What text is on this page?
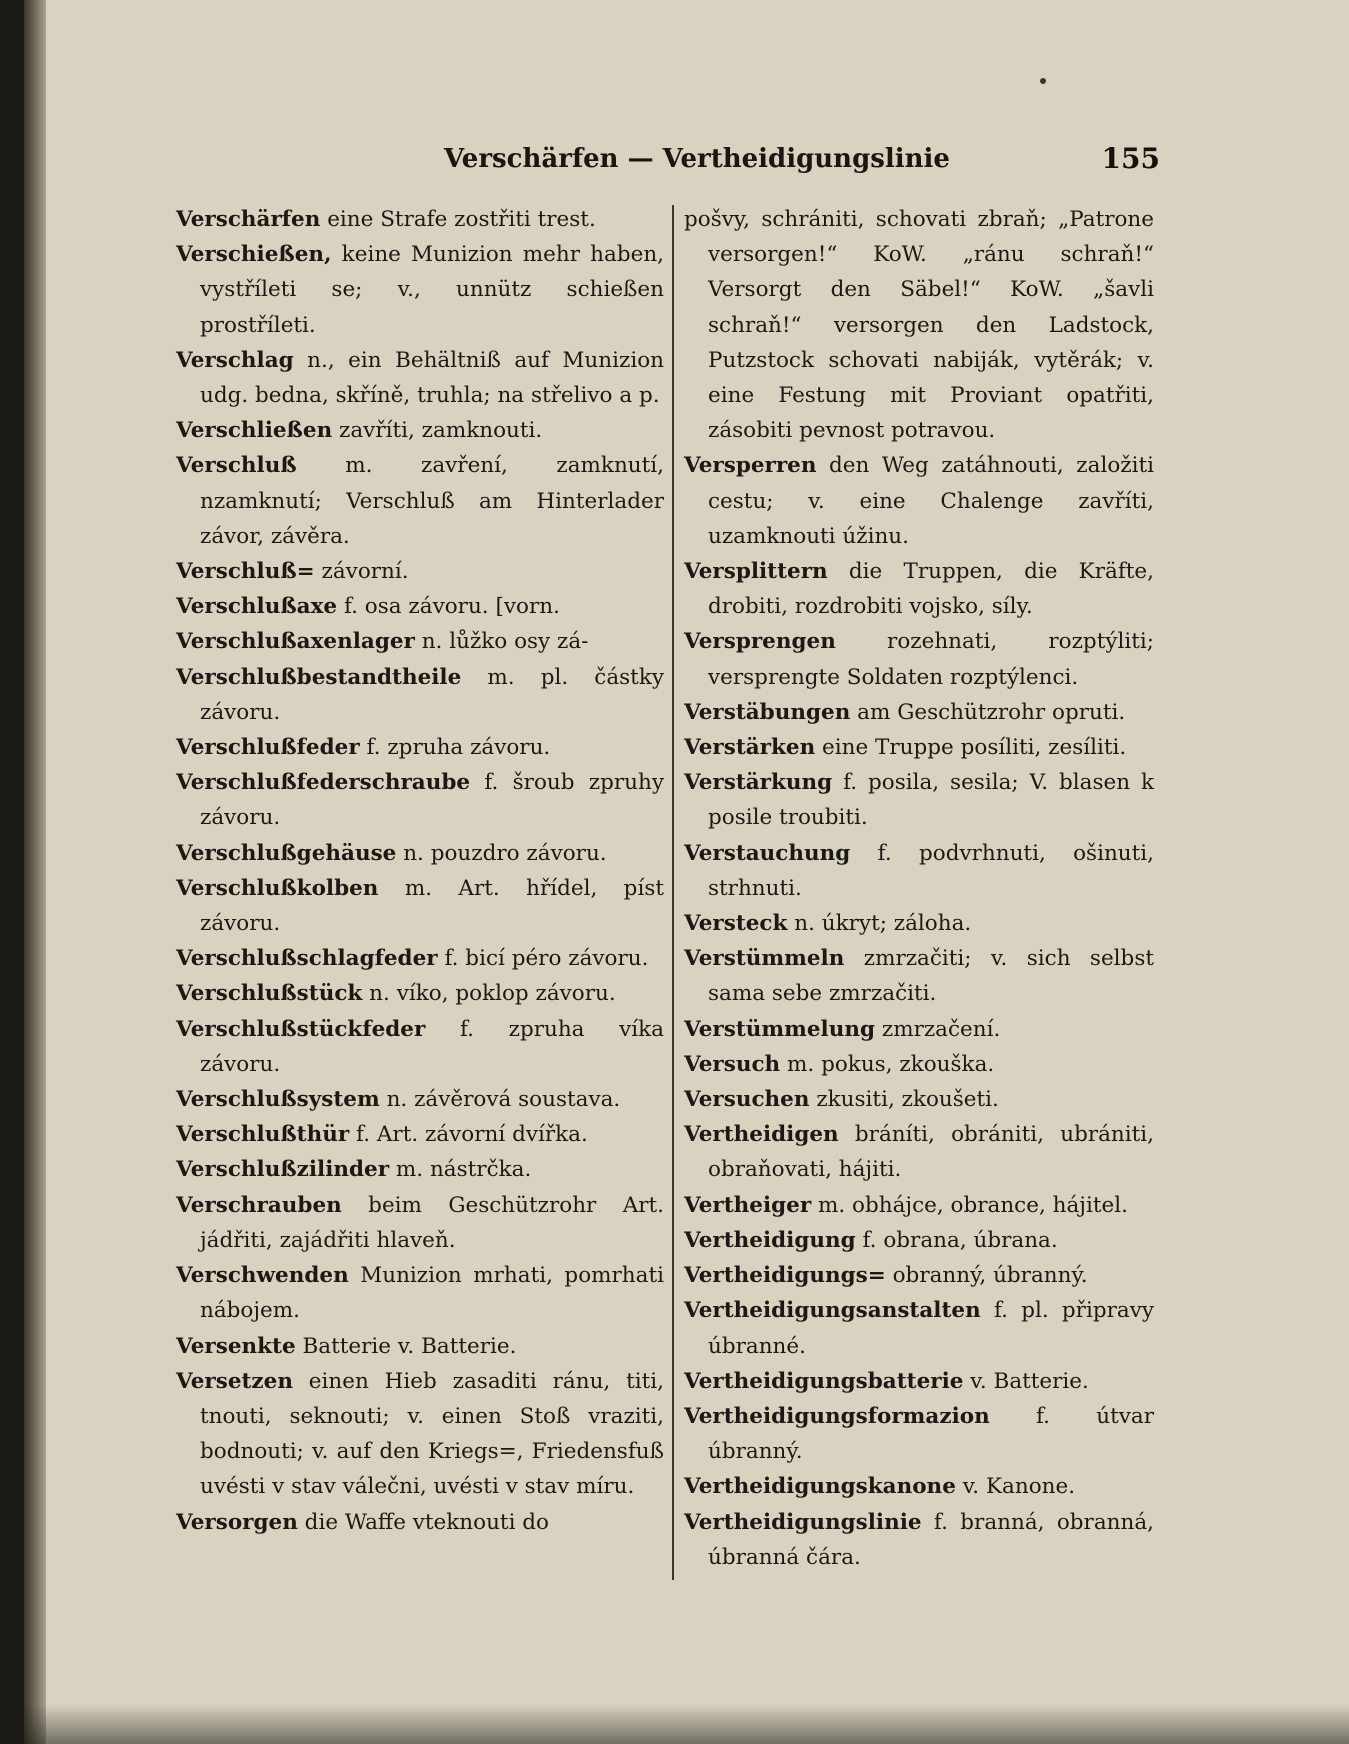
Verschärfen — Vertheidigungslinie	155

Verschärfen eine Strafe zostřiti trest.

Verschießen, keine Munizion mehr haben, vystříleti se; v., unnütz schießen prostříleti.

Verschlag n., ein Behältniß auf Munizion udg. bedna, skříně, truhla; na střelivo a p.

Verschließen zavříti, zamknouti.

Verschluß m. zavření, zamknutí, nzamknutí; Verschluß am Hinterlader závor, závěra.

Verschluß= závorní.

Verschlußaxe f. osa závoru. [vorn.

Verschlußaxenlager n. lůžko osy zá-

Verschlußbestandtheile m. pl. částky závoru.

Verschlußfeder f. zpruha závoru.

Verschlußfederschraube f. šroub zpruhy závoru.

Verschlußgehäuse n. pouzdro závoru.

Verschlußkolben m. Art. hřídel, píst závoru.

Verschlußschlagfeder f. bicí péro závoru.

Verschlußstück n. víko, poklop závoru.

Verschlußstückfeder f. zpruha víka závoru.

Verschlußsystem n. závěrová soustava.

Verschlußthür f. Art. závorní dvířka.

Verschlußzilinder m. nástrčka.

Verschrauben beim Geschützrohr Art. jádřiti, zajádřiti hlaveň.

Verschwenden Munizion mrhati, pomrhati nábojem.

Versenkte Batterie v. Batterie.

Versetzen einen Hieb zasaditi ránu, titi, tnouti, seknouti; v. einen Stoß vraziti, bodnouti; v. auf den Kriegs=, Friedensfuß uvésti v stav válečni, uvésti v stav míru.

Versorgen die Waffe vteknouti do

pošvy, schrániti, schovati zbraň; „Patrone versorgen!“ KoW. „ránu schraň!“ Versorgt den Säbel!“ KoW. „šavli schraň!“ versorgen den Ladstock, Putzstock schovati nabiják, vytěrák; v. eine Festung mit Proviant opatřiti, zásobiti pevnost potravou.

Versperren den Weg zatáhnouti, založiti cestu; v. eine Chalenge zavříti, uzamknouti úžinu.

Versplittern die Truppen, die Kräfte, drobiti, rozdrobiti vojsko, síly.

Versprengen rozehnati, rozptýliti; versprengte Soldaten rozptýlenci.

Verstäbungen am Geschützrohr opruti.

Verstärken eine Truppe posíliti, zesíliti.

Verstärkung f. posila, sesila; V. blasen k posile troubiti.

Verstauchung f. podvrhnuti, ošinuti, strhnuti.

Versteck n. úkryt; záloha.

Verstümmeln zmrzačiti; v. sich selbst sama sebe zmrzačiti.

Verstümmelung zmrzačení.

Versuch m. pokus, zkouška.

Versuchen zkusiti, zkoušeti.

Vertheidigen bráníti, obrániti, ubrániti, obraňovati, hájiti.

Vertheiger m. obhájce, obrance, hájitel.

Vertheidigung f. obrana, úbrana.

Vertheidigungs= obranný, úbranný.

Vertheidigungsanstalten f. pl. připravy úbranné.

Vertheidigungsbatterie v. Batterie.

Vertheidigungsformazion f. útvar úbranný.

Vertheidigungskanone v. Kanone.

Vertheidigungslinie f. branná, obranná, úbranná čára.
